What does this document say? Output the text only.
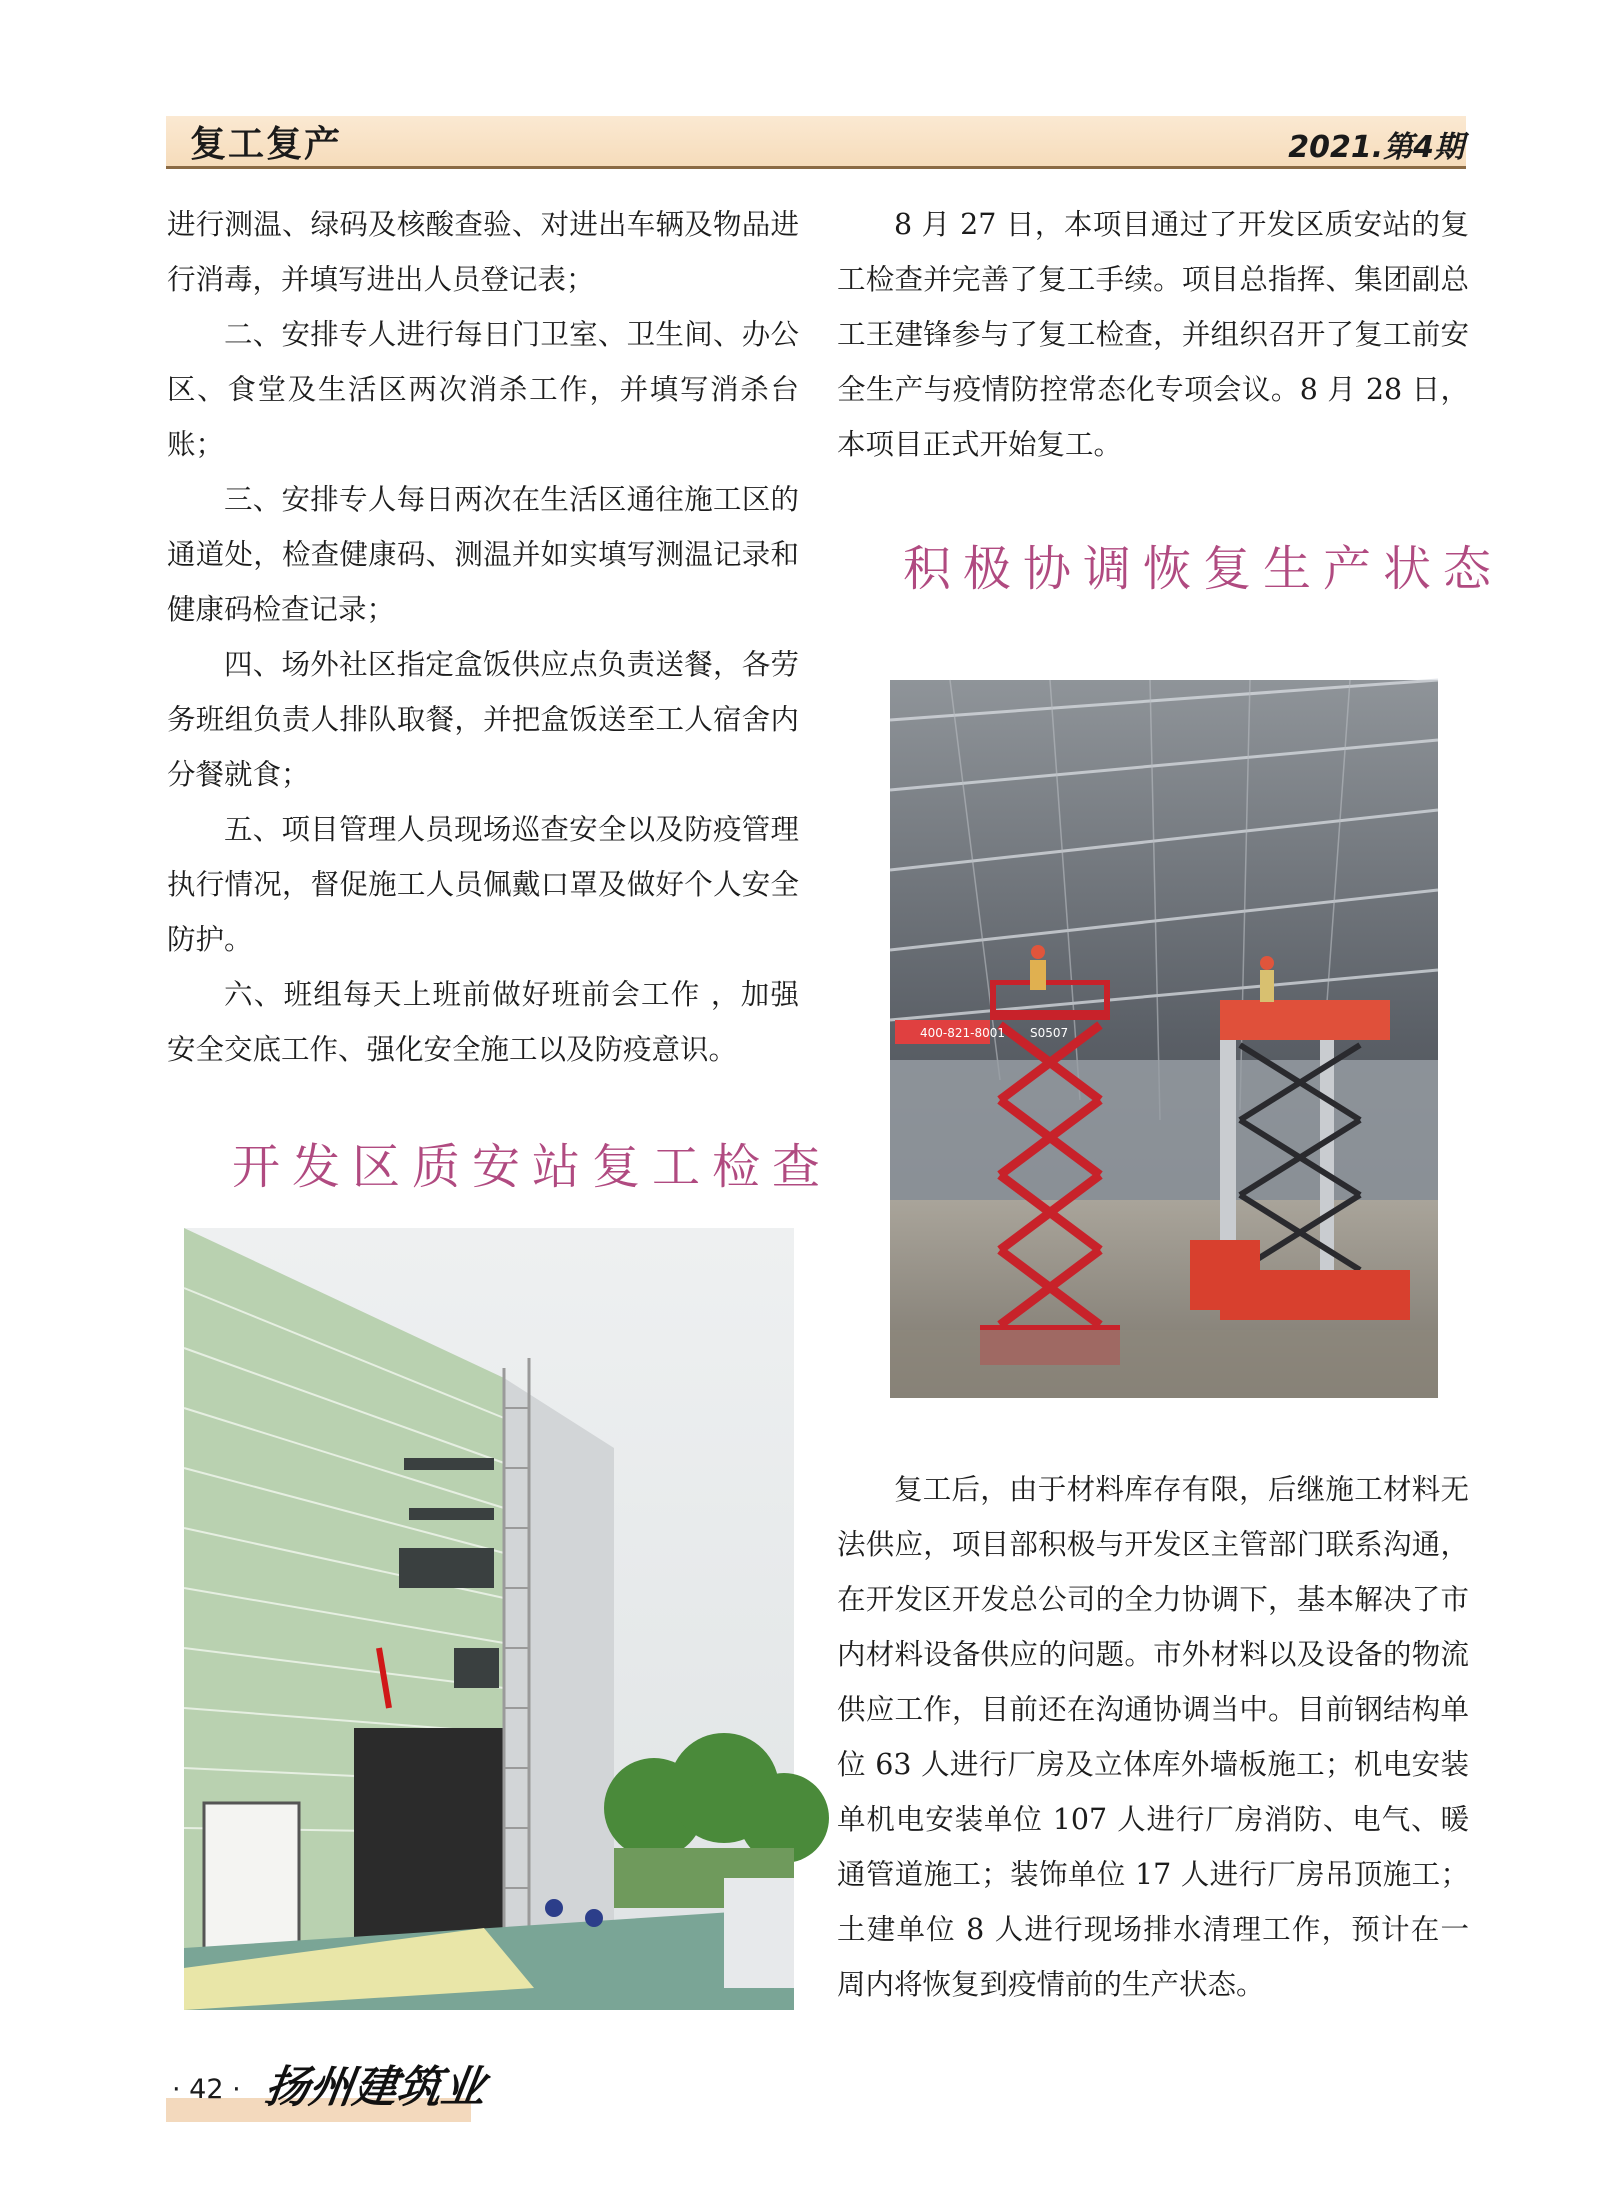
复工复产	2021.第4期

进行测温、绿码及核酸查验、对进出车辆及物品进行消毒，并填写进出人员登记表；

二、安排专人进行每日门卫室、卫生间、办公区、食堂及生活区两次消杀工作，并填写消杀台账；

三、安排专人每日两次在生活区通往施工区的通道处，检查健康码、测温并如实填写测温记录和健康码检查记录；

四、场外社区指定盒饭供应点负责送餐，各劳务班组负责人排队取餐，并把盒饭送至工人宿舍内分餐就食；

五、项目管理人员现场巡查安全以及防疫管理执行情况，督促施工人员佩戴口罩及做好个人安全防护。

六、班组每天上班前做好班前会工作 ，加强安全交底工作、强化安全施工以及防疫意识。

8 月 27 日，本项目通过了开发区质安站的复工检查并完善了复工手续。项目总指挥、集团副总工王建锋参与了复工检查，并组织召开了复工前安全生产与疫情防控常态化专项会议。8 月 28 日，本项目正式开始复工。

开发区质安站复工检查
积极协调恢复生产状态
400-821-8001 S0507

复工后，由于材料库存有限，后继施工材料无法供应，项目部积极与开发区主管部门联系沟通，在开发区开发总公司的全力协调下，基本解决了市内材料设备供应的问题。市外材料以及设备的物流供应工作，目前还在沟通协调当中。目前钢结构单位 63 人进行厂房及立体库外墙板施工；机电安装单机电安装单位 107 人进行厂房消防、电气、暖通管道施工；装饰单位 17 人进行厂房吊顶施工；土建单位 8 人进行现场排水清理工作，预计在一周内将恢复到疫情前的生产状态。

· 42 · 扬州建筑业
